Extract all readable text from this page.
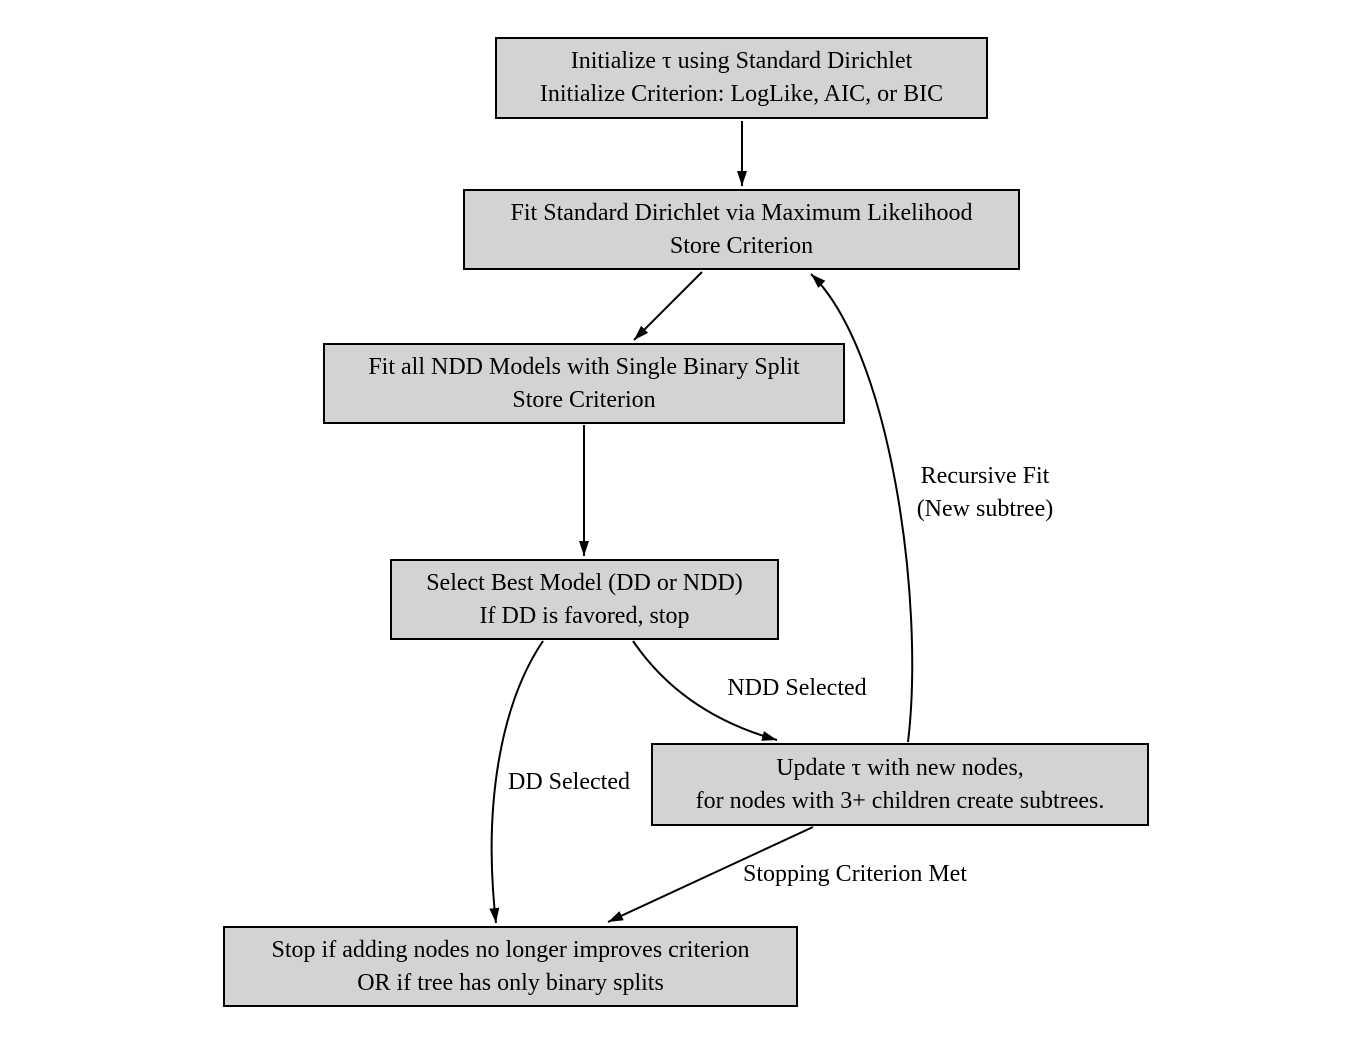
Initialize τ using Standard Dirichlet
Initialize Criterion: LogLike, AIC, or BIC
Fit Standard Dirichlet via Maximum Likelihood
Store Criterion
Fit all NDD Models with Single Binary Split
Store Criterion
Select Best Model (DD or NDD)
If DD is favored, stop
Update τ with new nodes,
for nodes with 3+ children create subtrees.
Stop if adding nodes no longer improves criterion
OR if tree has only binary splits
Recursive Fit
(New subtree)
NDD Selected
DD Selected
Stopping Criterion Met
